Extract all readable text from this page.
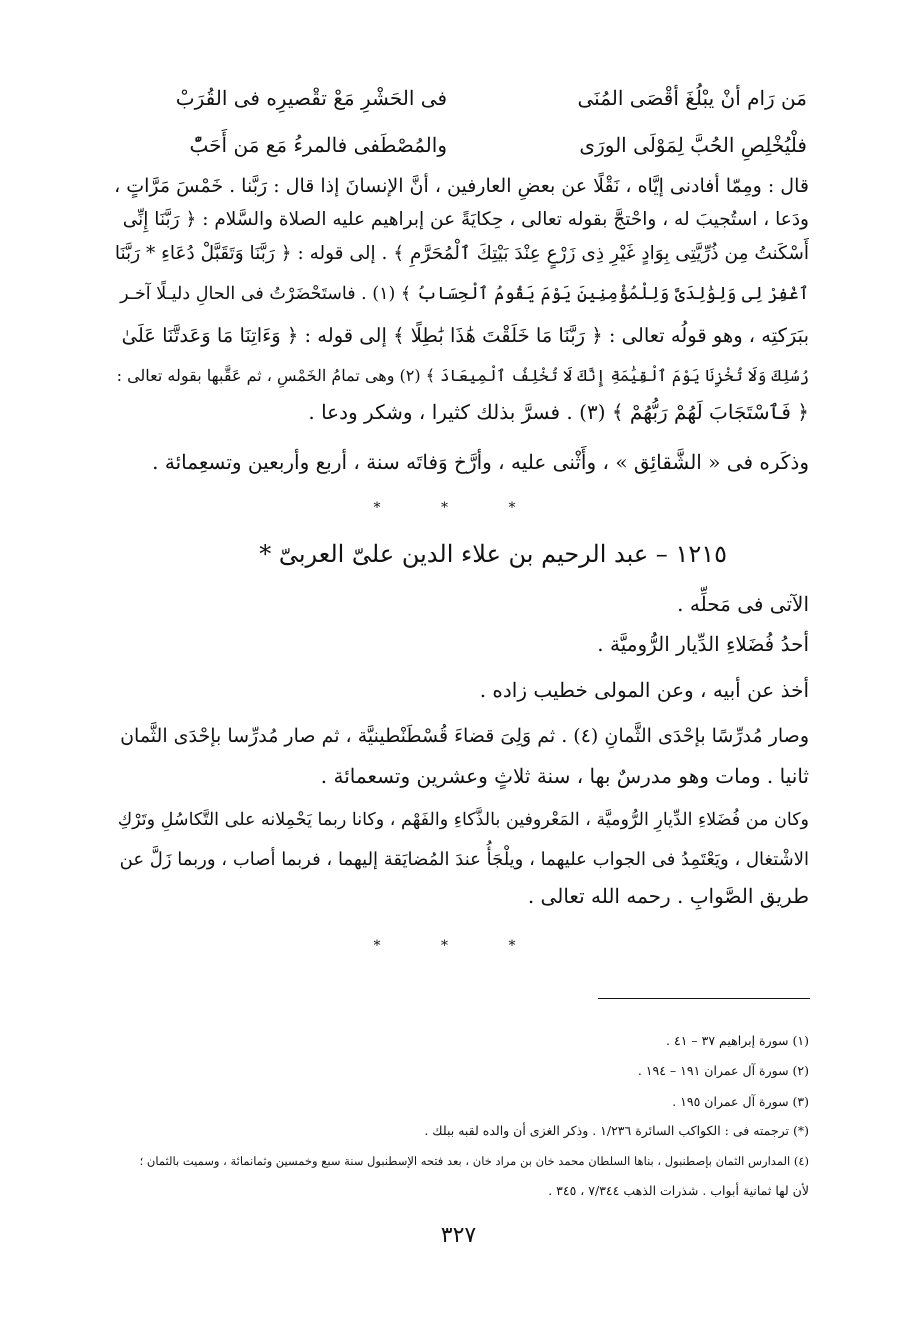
مَن رَام أنْ يبْلُغَ أقْصَى المُنَى
فى الحَشْرِ مَعْ تقْصيرِه فى القُرَبْ
فلْيُخْلِصِ الحُبَّ لِمَوْلَى الورَى
والمُصْطَفى فالمرءُ مَع مَن أَحَبّْ
قال : ومِمّا أفادنى إيَّاه ، نَقْلًا عن بعضِ العارفين ، أنَّ الإنسانَ إذا قال : رَبَّنا . خَمْسَ مَرَّاتٍ ،
ودَعا ، استُجيبَ له ، واحْتجَّ بقوله تعالى ، حِكايَةً عن إبراهيم عليه الصلاة والسَّلام : ﴿ رَبَّنَا إِنِّى
أَسْكَنتُ مِن ذُرِّيَّتِى بِوَادٍ غَيْرِ ذِى زَرْعٍ عِنْدَ بَيْتِكَ ٱلْمُحَرَّمِ ﴾ . إلى قوله : ﴿ رَبَّنَا وَتَقَبَّلْ دُعَاءِ * رَبَّنَا
ٱغْفِرْ لِى وَلِوَٰلِدَىَّ وَلِلْمُؤْمِنِينَ يَوْمَ يَقُومُ ٱلْحِسَابُ ﴾ (١) . فاستَحْضَرْتُ فى الحالِ دليـلًا آخـر
ببَرَكتِه ، وهو قولُه تعالى : ﴿ رَبَّنَا مَا خَلَقْتَ هَٰذَا بَٰطِلًا ﴾ إلى قوله : ﴿ وَءَاتِنَا مَا وَعَدتَّنَا عَلَىٰ
رُسُلِكَ وَلَا تُخْزِنَا يَوْمَ ٱلْقِيَٰمَةِ إِنَّكَ لَا تُخْلِفُ ٱلْمِيعَادَ ﴾ (٢) وهى تمامُ الخَمْسِ ، ثم عَقَّبها بقوله تعالى :
﴿ فَٱسْتَجَابَ لَهُمْ رَبُّهُمْ ﴾ (٣) . فسرَّ بذلك كثيرا ، وشكر ودعا .
وذكَره فى « الشَّقائِق » ، وأَثْنى عليه ، وأرَّخ وَفاتَه سنة ، أربع وأربعين وتسعِمائة .
* * *
١٢١٥ – عبد الرحيم بن علاء الدين علىّ العربىّ *
الآتى فى مَحلِّه .
أحدُ فُضَلاءِ الدِّيار الرُّوميَّة .
أخذ عن أبيه ، وعن المولى خطيب زاده .
وصار مُدرِّسًا بإحْدَى الثَّمانِ (٤) . ثم وَلِىَ قضاءَ قُسْطَنْطينيَّة ، ثم صار مُدرِّسا بإحْدَى الثَّمان
ثانيا . ومات وهو مدرسٌ بها ، سنة ثلاثٍ وعشرين وتسعمائة .
وكان من فُضَلاءِ الدِّيارِ الرُّوميَّة ، المَعْروفين بالذَّكاءِ والفَهْم ، وكانا ربما يَحْمِلانه على التَّكاسُلِ وتَرْكِ
الاشْتغال ، ويَعْتَمِدُ فى الجواب عليهما ، ويلْجَأُ عندَ المُضايَقة إليهما ، فربما أصاب ، وربما زَلَّ عن
طريق الصَّوابِ . رحمه الله تعالى .
* * *
(١) سورة إبراهيم ٣٧ – ٤١ .
(٢) سورة آل عمران ١٩١ – ١٩٤ .
(٣) سورة آل عمران ١٩٥ .
(*) ترجمته فى : الكواكب السائرة ١/٢٣٦ . وذكر الغزى أن والده لقبه ببلك .
(٤) المدارس الثمان بإصطنبول ، بناها السلطان محمد خان بن مراد خان ، بعد فتحه الإسطنبول سنة سبع وخمسين وثمانمائة ، وسميت بالثمان ؛
لأن لها ثمانية أبواب . شذرات الذهب ٧/٣٤٤ ، ٣٤٥ .
٣٢٧
